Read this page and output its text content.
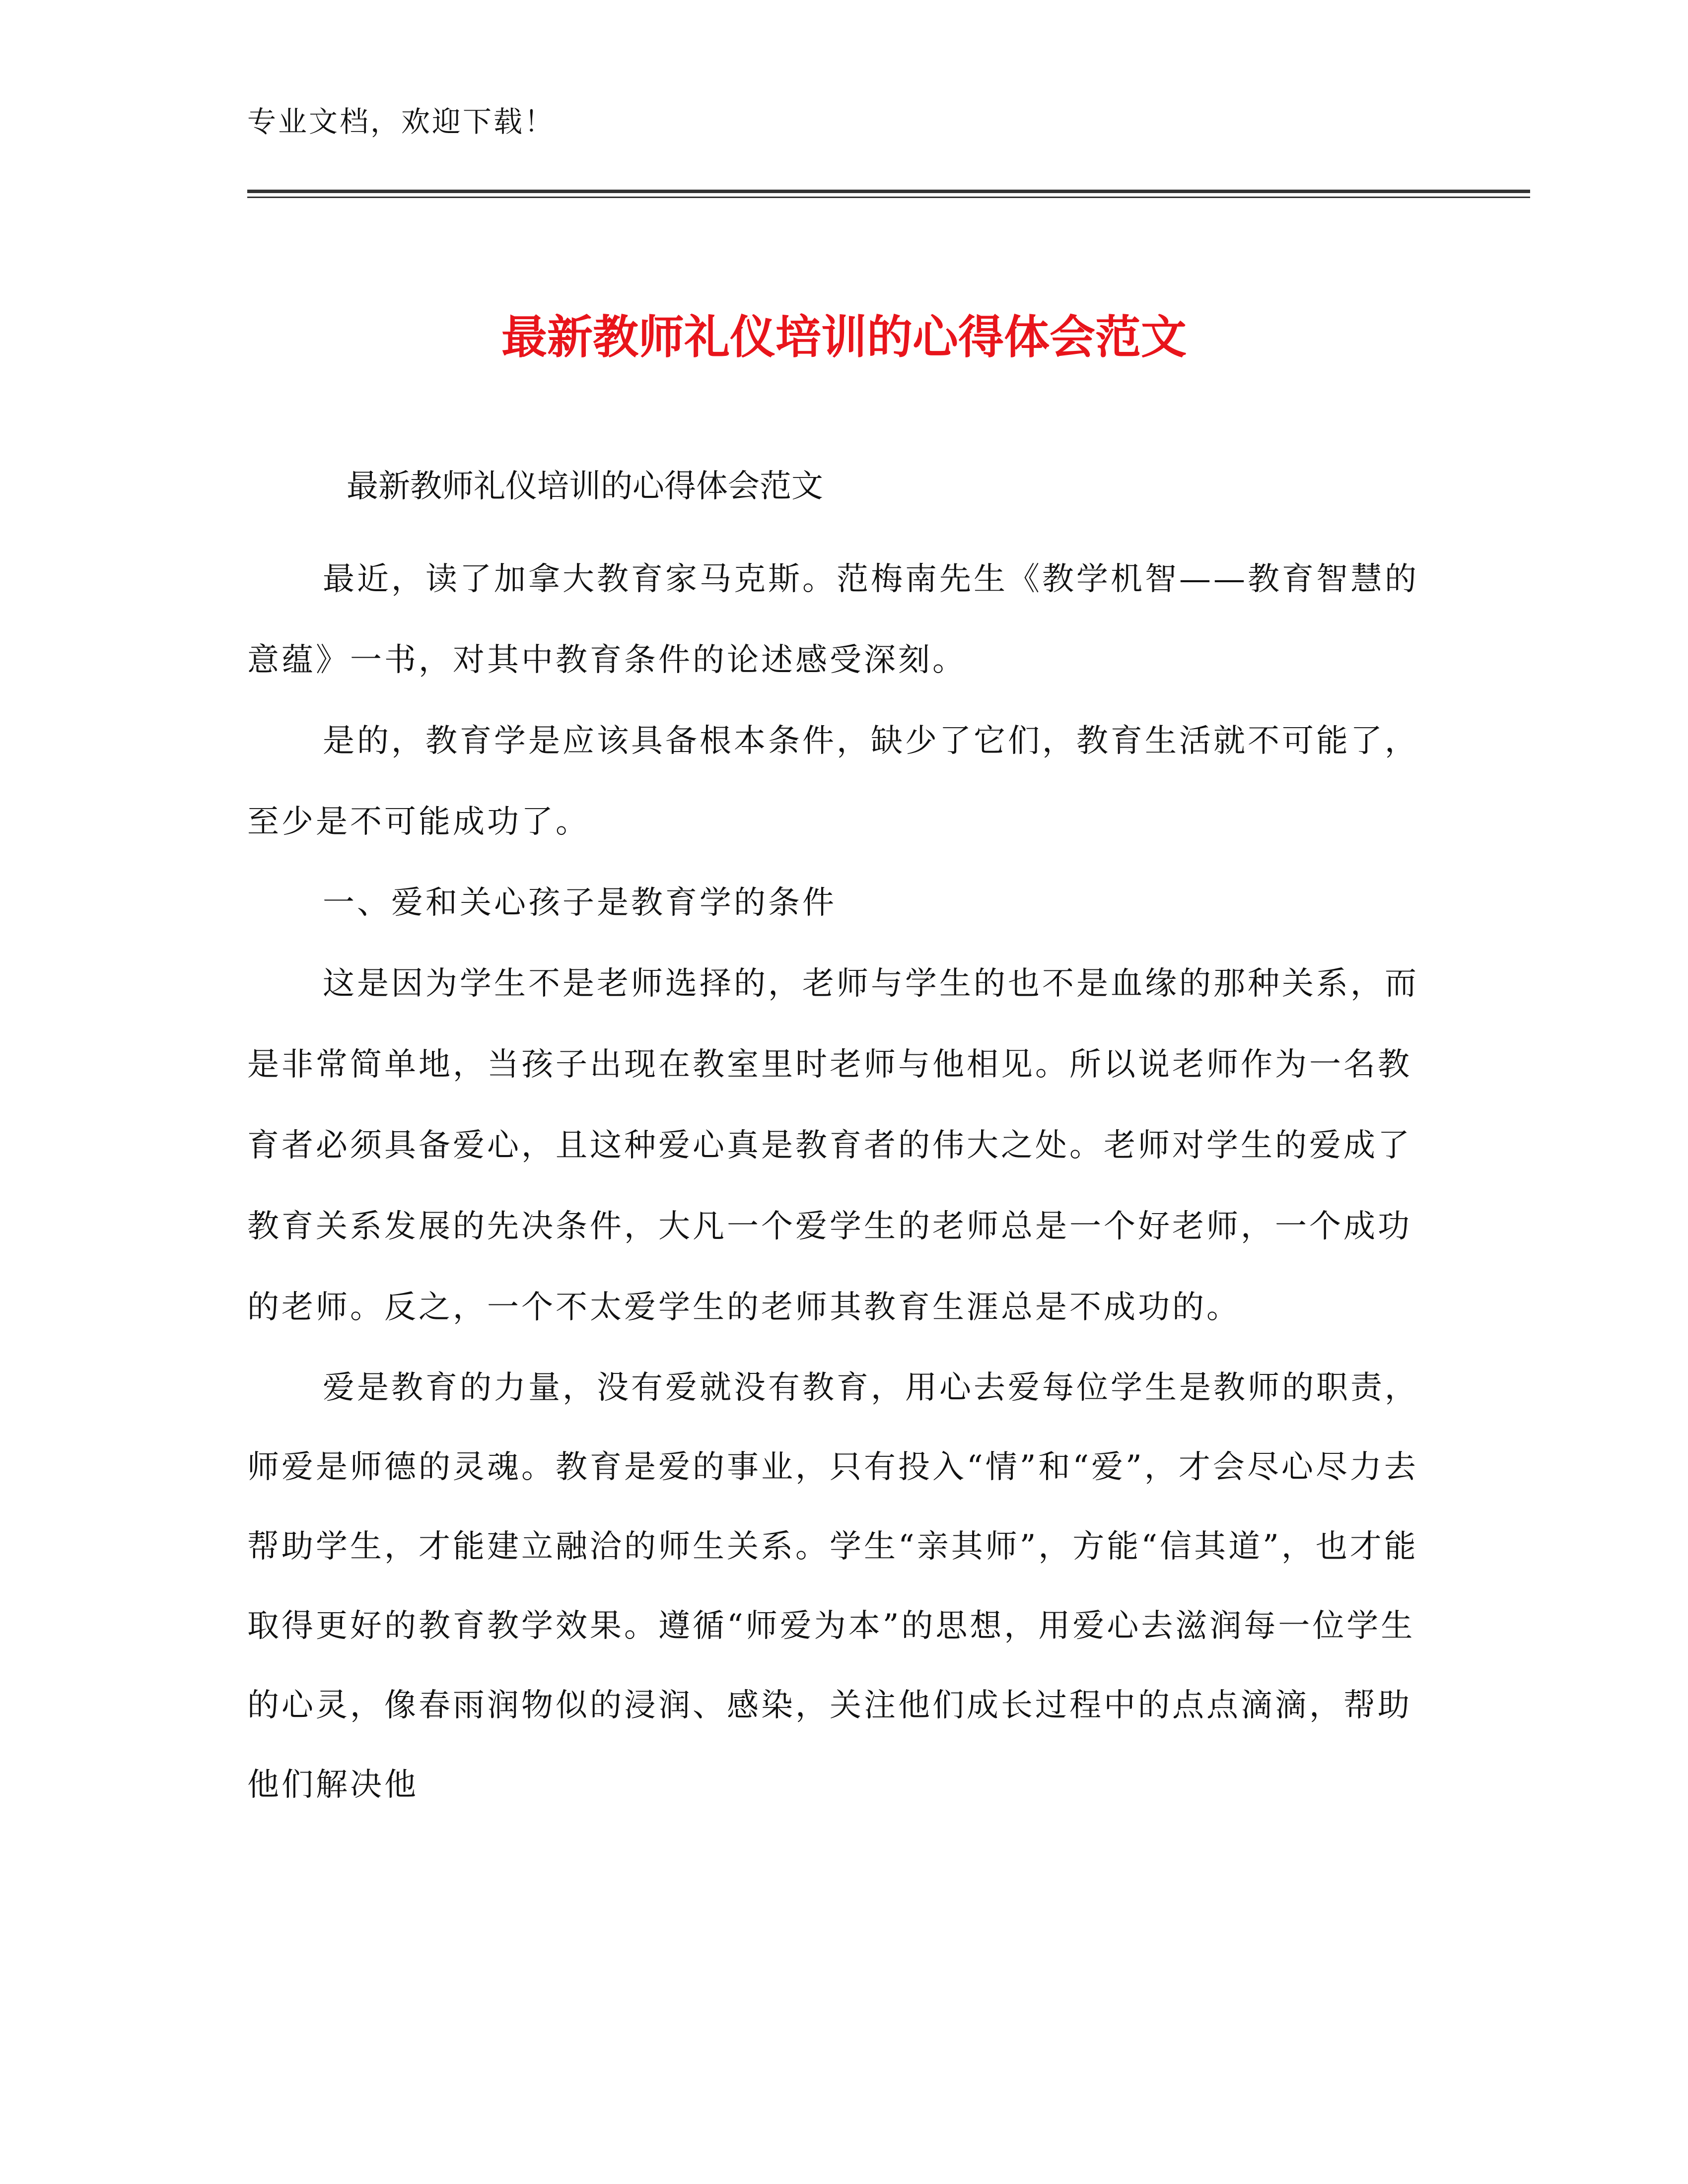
专业文档，欢迎下载！
最新教师礼仪培训的心得体会范文

最新教师礼仪培训的心得体会范文

最近，读了加拿大教育家马克斯。范梅南先生《教学机智——教育智慧的意蕴》一书，对其中教育条件的论述感受深刻。

是的，教育学是应该具备根本条件，缺少了它们，教育生活就不可能了，至少是不可能成功了。

一、爱和关心孩子是教育学的条件

这是因为学生不是老师选择的，老师与学生的也不是血缘的那种关系，而是非常简单地，当孩子出现在教室里时老师与他相见。所以说老师作为一名教育者必须具备爱心，且这种爱心真是教育者的伟大之处。老师对学生的爱成了教育关系发展的先决条件，大凡一个爱学生的老师总是一个好老师，一个成功的老师。反之，一个不太爱学生的老师其教育生涯总是不成功的。

爱是教育的力量，没有爱就没有教育，用心去爱每位学生是教师的职责，师爱是师德的灵魂。教育是爱的事业，只有投入“情”和“爱”，才会尽心尽力去帮助学生，才能建立融洽的师生关系。学生“亲其师”，方能“信其道”，也才能取得更好的教育教学效果。遵循“师爱为本”的思想，用爱心去滋润每一位学生的心灵，像春雨润物似的浸润、感染，关注他们成长过程中的点点滴滴，帮助他们解决他
